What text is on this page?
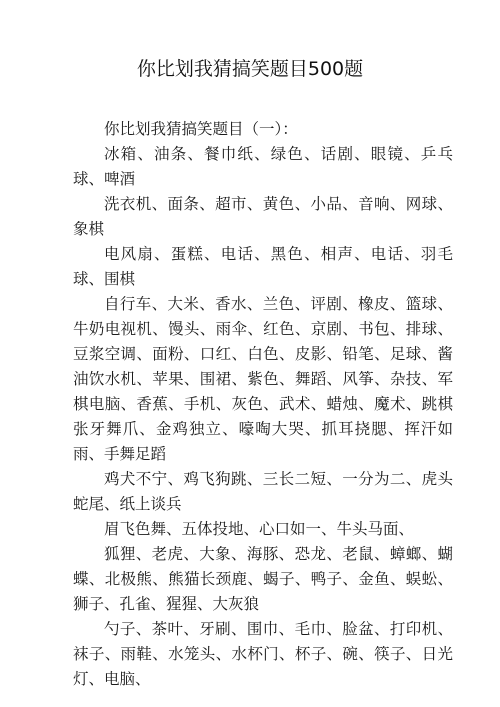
你比划我猜搞笑题目500题

你比划我猜搞笑题目（一）：

冰箱、油条、餐巾纸、绿色、话剧、眼镜、乒乓球、啤酒

洗衣机、面条、超市、黄色、小品、音响、网球、象棋

电风扇、蛋糕、电话、黑色、相声、电话、羽毛球、围棋

自行车、大米、香水、兰色、评剧、橡皮、篮球、牛奶电视机、馒头、雨伞、红色、京剧、书包、排球、豆浆空调、面粉、口红、白色、皮影、铅笔、足球、酱油饮水机、苹果、围裙、紫色、舞蹈、风筝、杂技、军棋电脑、香蕉、手机、灰色、武术、蜡烛、魔术、跳棋张牙舞爪、金鸡独立、嚎啕大哭、抓耳挠腮、挥汗如雨、手舞足蹈

鸡犬不宁、鸡飞狗跳、三长二短、一分为二、虎头蛇尾、纸上谈兵

眉飞色舞、五体投地、心口如一、牛头马面、

狐狸、老虎、大象、海豚、恐龙、老鼠、蟑螂、蝴蝶、北极熊、熊猫长颈鹿、蝎子、鸭子、金鱼、蜈蚣、狮子、孔雀、猩猩、大灰狼

勺子、茶叶、牙刷、围巾、毛巾、脸盆、打印机、袜子、雨鞋、水笼头、水杯门、杯子、碗、筷子、日光灯、电脑、
